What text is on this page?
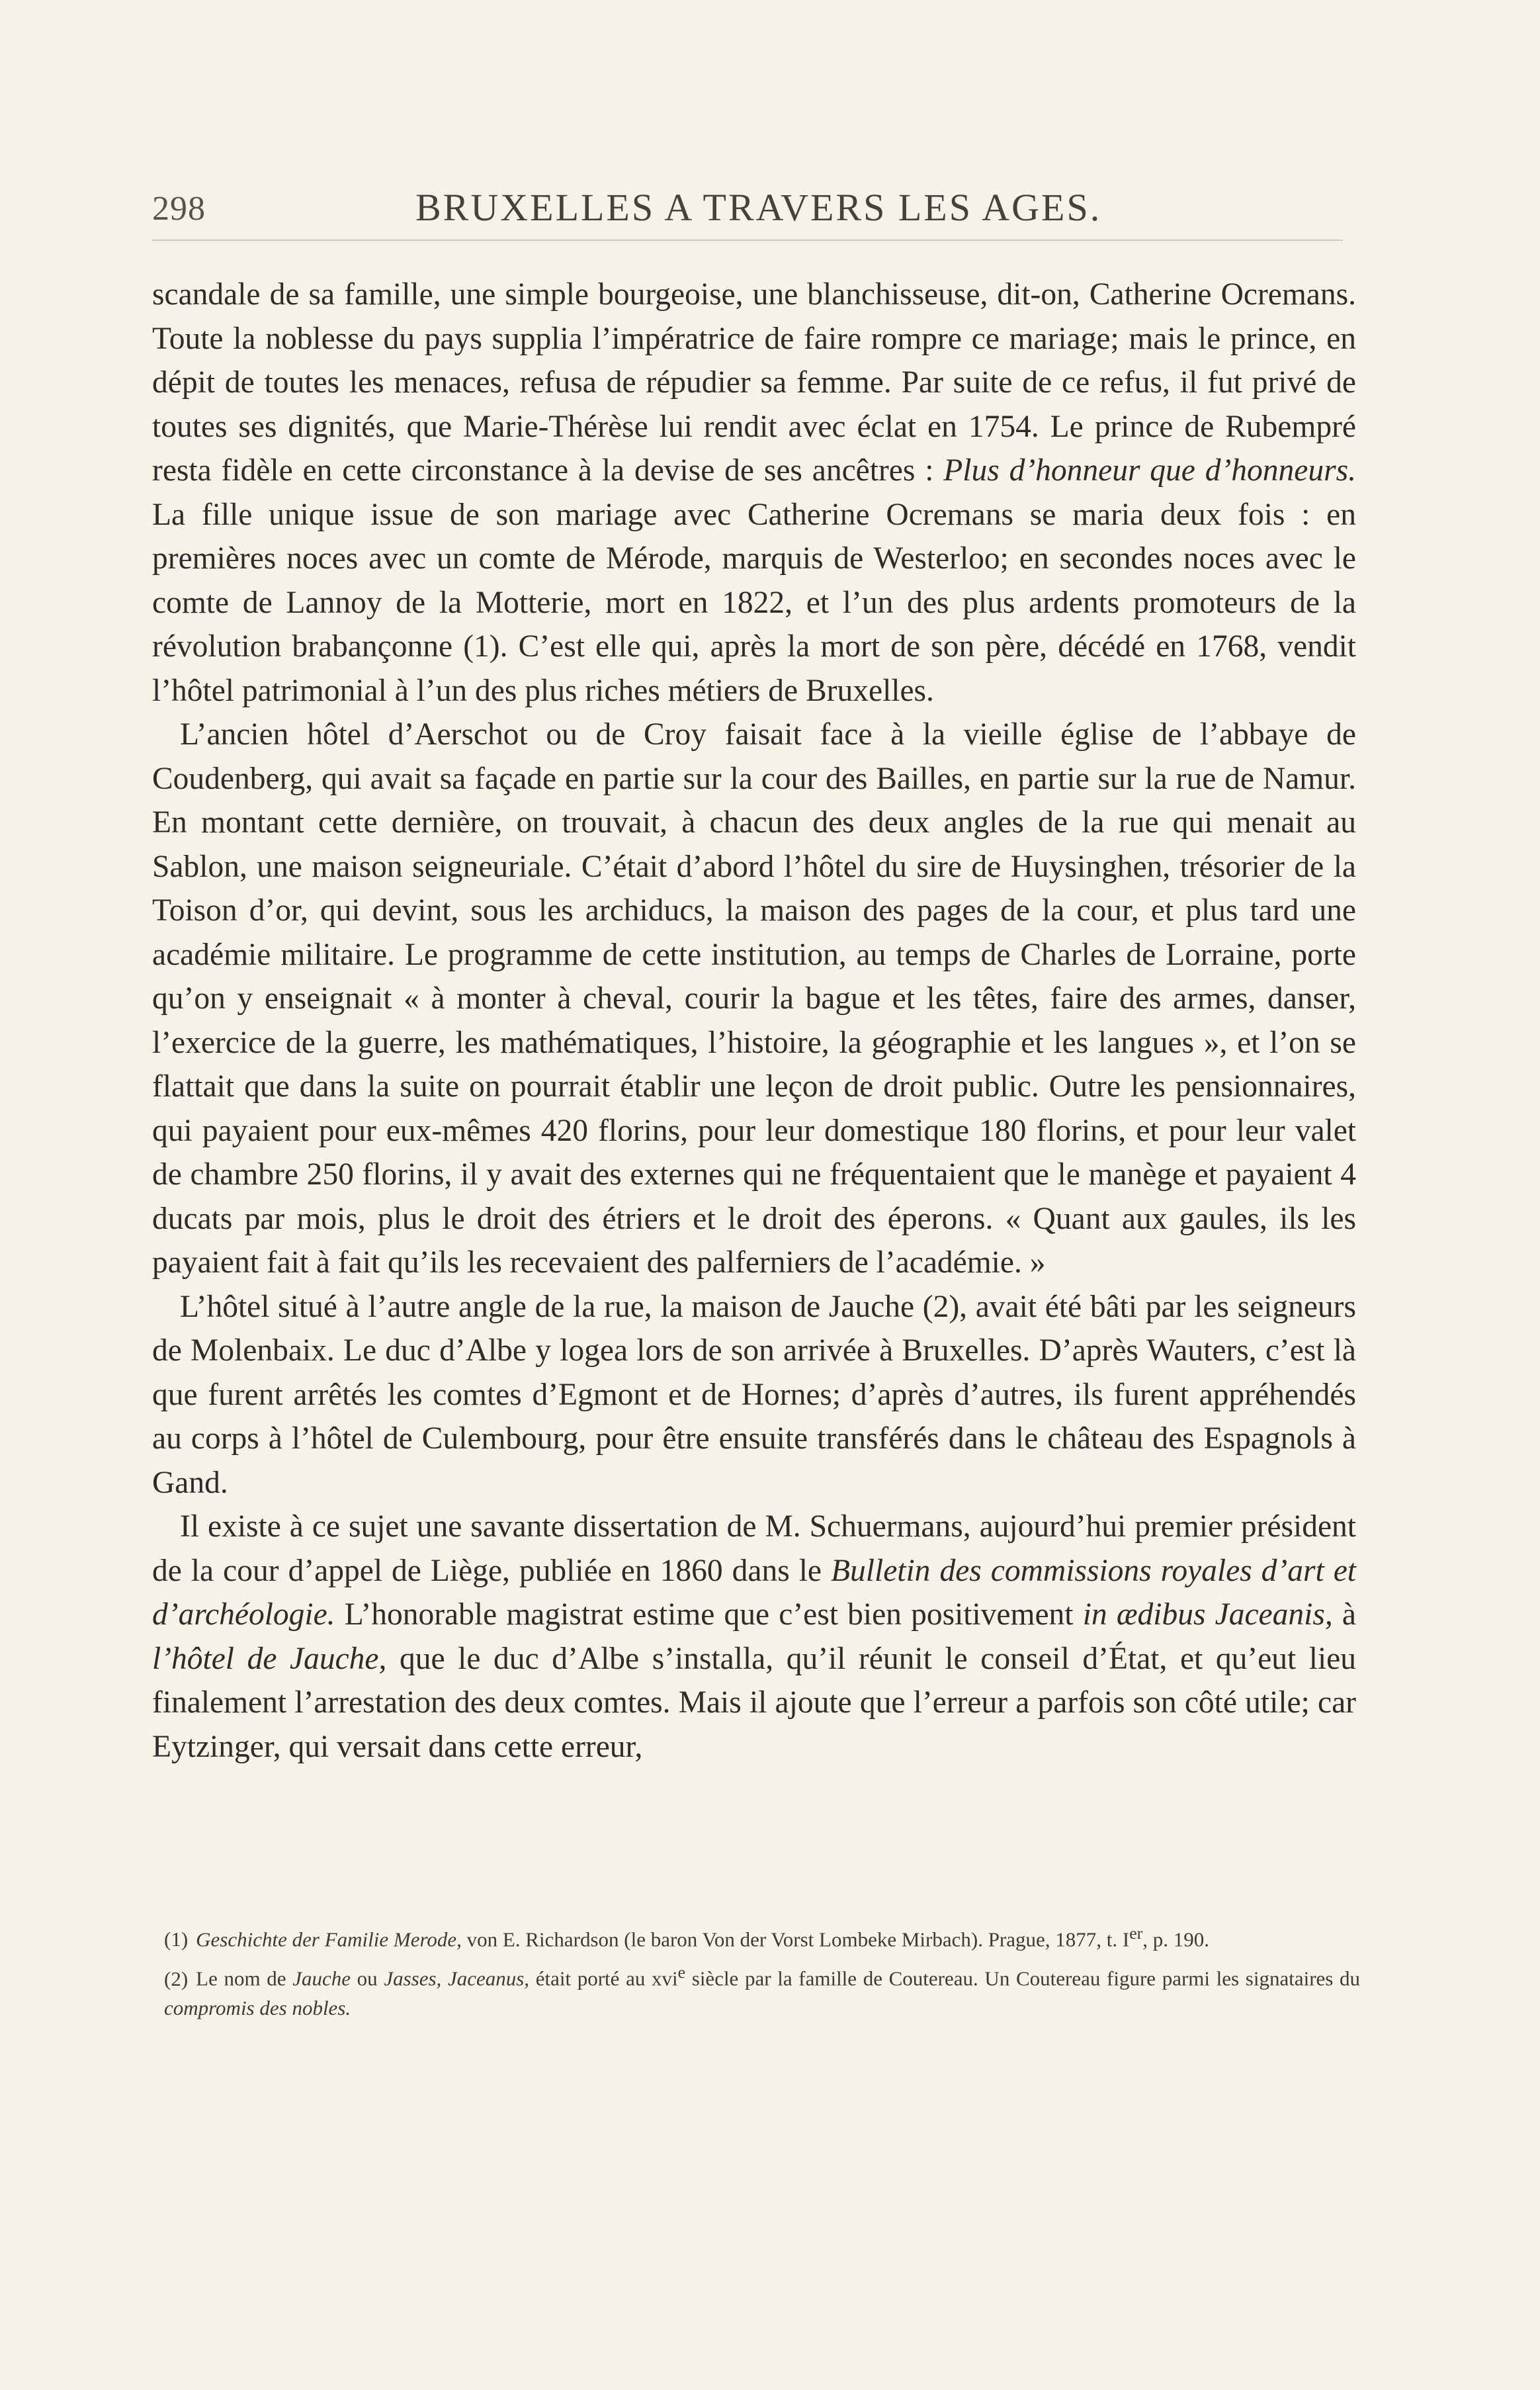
298	BRUXELLES A TRAVERS LES AGES.

scandale de sa famille, une simple bourgeoise, une blanchisseuse, dit-on, Catherine Ocremans. Toute la noblesse du pays supplia l’impératrice de faire rompre ce mariage; mais le prince, en dépit de toutes les menaces, refusa de répudier sa femme. Par suite de ce refus, il fut privé de toutes ses dignités, que Marie-Thérèse lui rendit avec éclat en 1754. Le prince de Rubempré resta fidèle en cette circonstance à la devise de ses ancêtres : Plus d’honneur que d’honneurs. La fille unique issue de son mariage avec Catherine Ocremans se maria deux fois : en premières noces avec un comte de Mérode, marquis de Westerloo; en secondes noces avec le comte de Lannoy de la Motterie, mort en 1822, et l’un des plus ardents promoteurs de la révolution brabançonne (1). C’est elle qui, après la mort de son père, décédé en 1768, vendit l’hôtel patrimonial à l’un des plus riches métiers de Bruxelles.

L’ancien hôtel d’Aerschot ou de Croy faisait face à la vieille église de l’abbaye de Coudenberg, qui avait sa façade en partie sur la cour des Bailles, en partie sur la rue de Namur. En montant cette dernière, on trouvait, à chacun des deux angles de la rue qui menait au Sablon, une maison seigneuriale. C’était d’abord l’hôtel du sire de Huysinghen, trésorier de la Toison d’or, qui devint, sous les archiducs, la maison des pages de la cour, et plus tard une académie militaire. Le programme de cette institution, au temps de Charles de Lorraine, porte qu’on y enseignait « à monter à cheval, courir la bague et les têtes, faire des armes, danser, l’exercice de la guerre, les mathématiques, l’histoire, la géographie et les langues », et l’on se flattait que dans la suite on pourrait établir une leçon de droit public. Outre les pensionnaires, qui payaient pour eux-mêmes 420 florins, pour leur domestique 180 florins, et pour leur valet de chambre 250 florins, il y avait des externes qui ne fréquentaient que le manège et payaient 4 ducats par mois, plus le droit des étriers et le droit des éperons. « Quant aux gaules, ils les payaient fait à fait qu’ils les recevaient des palferniers de l’académie. »

L’hôtel situé à l’autre angle de la rue, la maison de Jauche (2), avait été bâti par les seigneurs de Molenbaix. Le duc d’Albe y logea lors de son arrivée à Bruxelles. D’après Wauters, c’est là que furent arrêtés les comtes d’Egmont et de Hornes; d’après d’autres, ils furent appréhendés au corps à l’hôtel de Culembourg, pour être ensuite transférés dans le château des Espagnols à Gand.

Il existe à ce sujet une savante dissertation de M. Schuermans, aujourd’hui premier président de la cour d’appel de Liège, publiée en 1860 dans le Bulletin des commissions royales d’art et d’archéologie. L’honorable magistrat estime que c’est bien positivement in ædibus Jaceanis, à l’hôtel de Jauche, que le duc d’Albe s’installa, qu’il réunit le conseil d’État, et qu’eut lieu finalement l’arrestation des deux comtes. Mais il ajoute que l’erreur a parfois son côté utile; car Eytzinger, qui versait dans cette erreur,

(1) Geschichte der Familie Merode, von E. Richardson (le baron Von der Vorst Lombeke Mirbach). Prague, 1877, t. Ier, p. 190.

(2) Le nom de Jauche ou Jasses, Jaceanus, était porté au xvi$^e$ siècle par la famille de Coutereau. Un Coutereau figure parmi les signataires du compromis des nobles.
